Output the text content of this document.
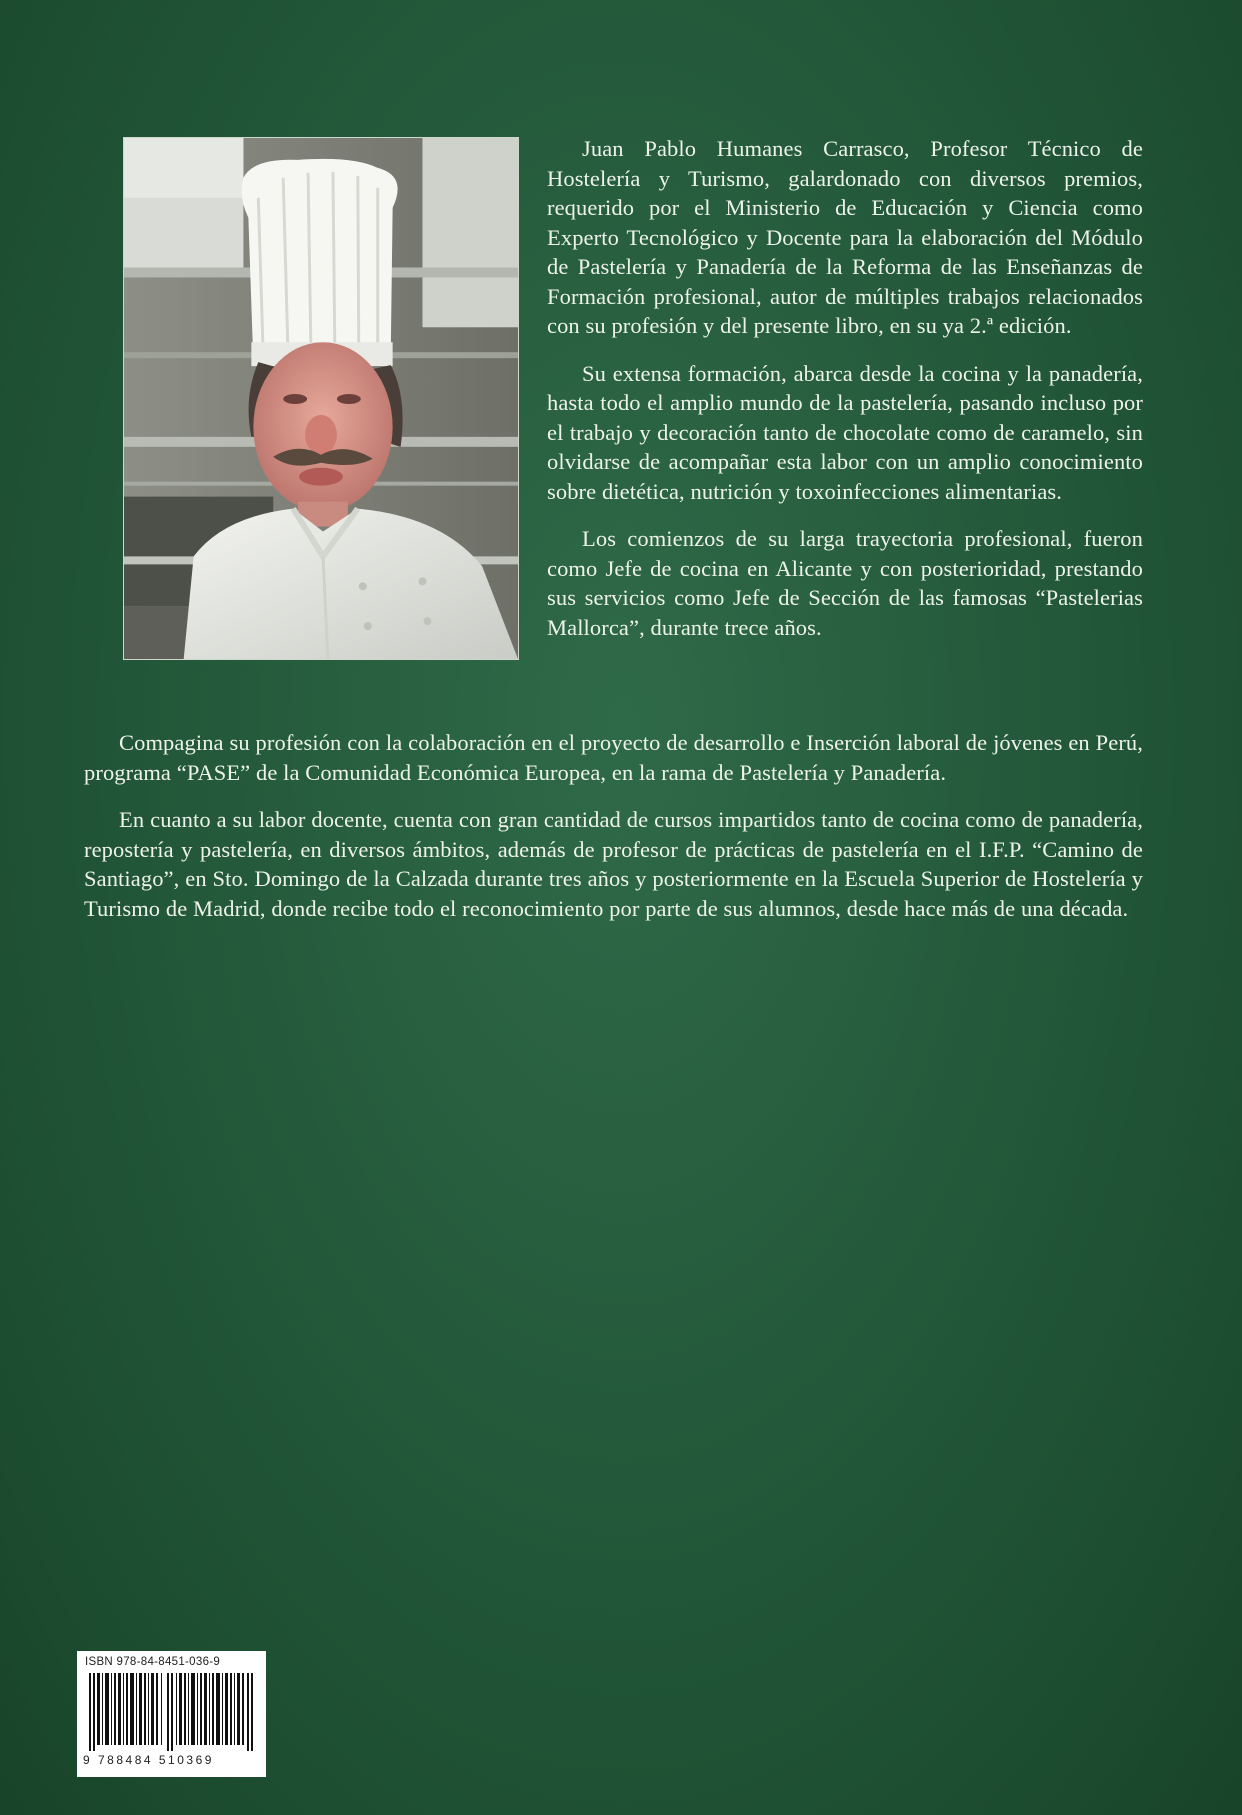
Juan Pablo Humanes Carrasco, Profesor Técnico de Hostelería y Turismo, galardonado con diversos premios, requerido por el Ministerio de Educación y Ciencia como Experto Tecnológico y Docente para la elaboración del Módulo de Pastelería y Panadería de la Reforma de las Enseñanzas de Formación profesional, autor de múltiples trabajos relacionados con su profesión y del presente libro, en su ya 2.ª edición.

Su extensa formación, abarca desde la cocina y la panadería, hasta todo el amplio mundo de la pastelería, pasando incluso por el trabajo y decoración tanto de chocolate como de caramelo, sin olvidarse de acompañar esta labor con un amplio conocimiento sobre dietética, nutrición y toxoinfecciones alimentarias.

Los comienzos de su larga trayectoria profesional, fueron como Jefe de cocina en Alicante y con posterioridad, prestando sus servicios como Jefe de Sección de las famosas “Pastelerias Mallorca”, durante trece años.

Compagina su profesión con la colaboración en el proyecto de desarrollo e Inserción laboral de jóvenes en Perú, programa “PASE” de la Comunidad Económica Europea, en la rama de Pastelería y Panadería.

En cuanto a su labor docente, cuenta con gran cantidad de cursos impartidos tanto de cocina como de panadería, repostería y pastelería, en diversos ámbitos, además de profesor de prácticas de pastelería en el I.F.P. “Camino de Santiago”, en Sto. Domingo de la Calzada durante tres años y posteriormente en la Escuela Superior de Hostelería y Turismo de Madrid, donde recibe todo el reconocimiento por parte de sus alumnos, desde hace más de una década.

ISBN 978-84-8451-036-9
9 788484 510369
